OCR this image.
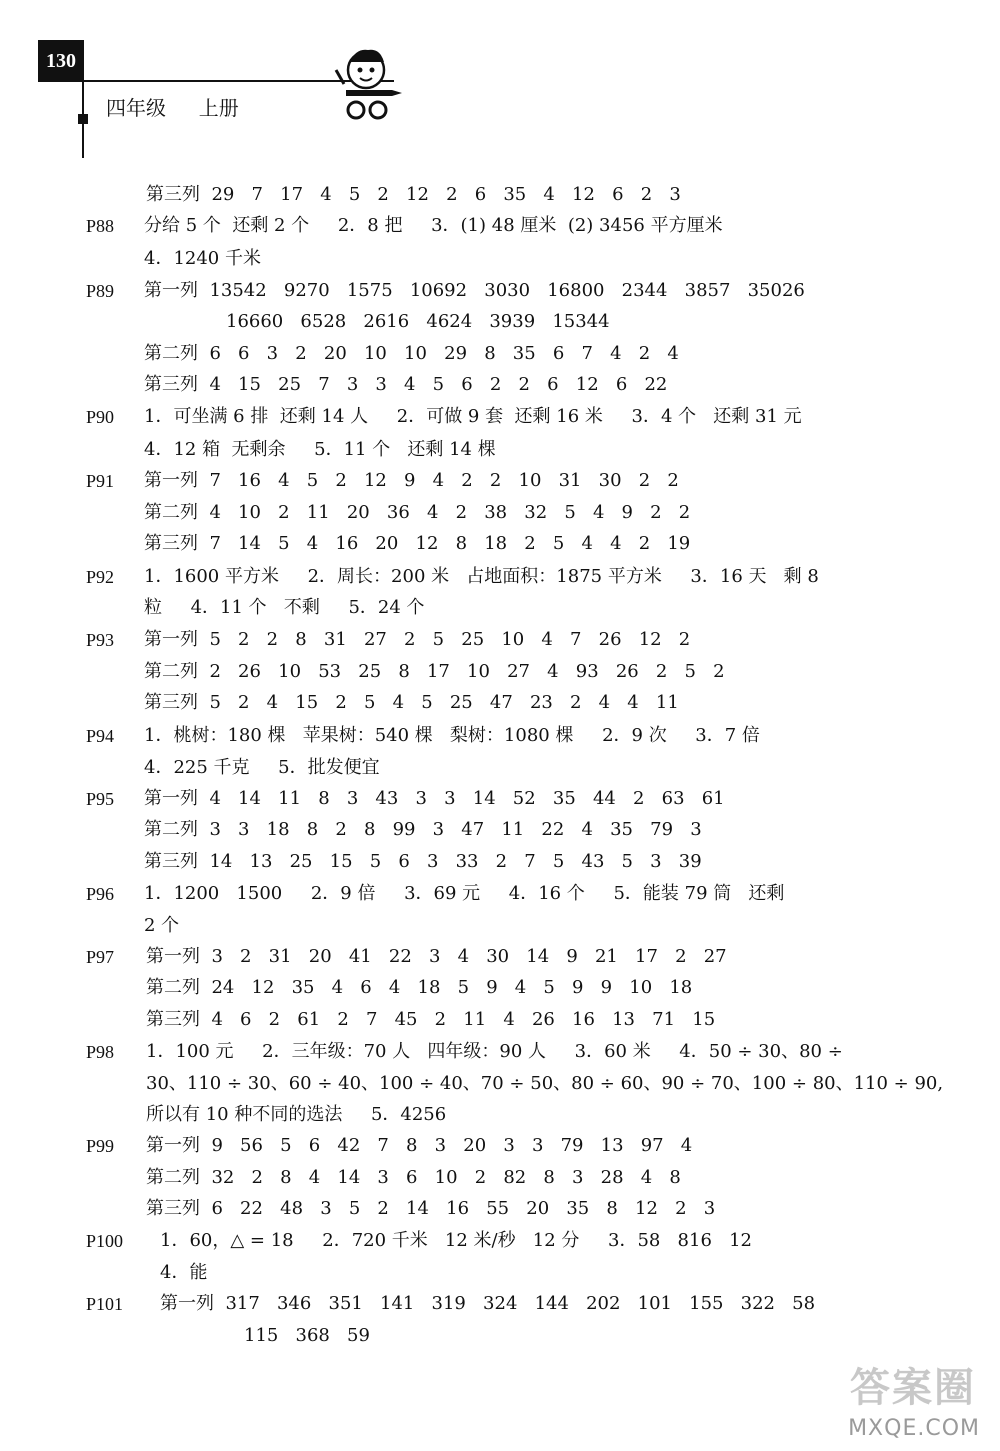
130
四年级  上册
第三列  29   7   17   4   5   2   12   2   6   35   4   12   6   2   3
P88 分给 5 个  还剩 2 个     2．8 把     3．(1) 48 厘米  (2) 3456 平方厘米
4．1240 千米
P89 第一列  13542   9270   1575   10692   3030   16800   2344   3857   35026
16660   6528   2616   4624   3939   15344
第二列  6   6   3   2   20   10   10   29   8   35   6   7   4   2   4
第三列  4   15   25   7   3   3   4   5   6   2   2   6   12   6   22
P90 1．可坐满 6 排  还剩 14 人     2．可做 9 套  还剩 16 米     3．4 个   还剩 31 元
4．12 箱  无剩余     5．11 个   还剩 14 棵
P91 第一列  7   16   4   5   2   12   9   4   2   2   10   31   30   2   2
第二列  4   10   2   11   20   36   4   2   38   32   5   4   9   2   2
第三列  7   14   5   4   16   20   12   8   18   2   5   4   4   2   19
P92 1．1600 平方米     2．周长：200 米   占地面积：1875 平方米     3．16 天   剩 8
粒     4．11 个   不剩     5．24 个
P93 第一列  5   2   2   8   31   27   2   5   25   10   4   7   26   12   2
第二列  2   26   10   53   25   8   17   10   27   4   93   26   2   5   2
第三列  5   2   4   15   2   5   4   5   25   47   23   2   4   4   11
P94 1．桃树：180 棵   苹果树：540 棵   梨树：1080 棵     2．9 次     3．7 倍
4．225 千克     5．批发便宜
P95 第一列  4   14   11   8   3   43   3   3   14   52   35   44   2   63   61
第二列  3   3   18   8   2   8   99   3   47   11   22   4   35   79   3
第三列  14   13   25   15   5   6   3   33   2   7   5   43   5   3   39
P96 1．1200   1500     2．9 倍     3．69 元     4．16 个     5．能装 79 筒   还剩
2 个
P97 第一列  3   2   31   20   41   22   3   4   30   14   9   21   17   2   27
第二列  24   12   35   4   6   4   18   5   9   4   5   9   9   10   18
第三列  4   6   2   61   2   7   45   2   11   4   26   16   13   71   15
P98 1．100 元     2．三年级：70 人   四年级：90 人     3．60 米     4．50 ÷ 30、80 ÷
30、110 ÷ 30、60 ÷ 40、100 ÷ 40、70 ÷ 50、80 ÷ 60、90 ÷ 70、100 ÷ 80、110 ÷ 90,
所以有 10 种不同的选法     5．4256
P99 第一列  9   56   5   6   42   7   8   3   20   3   3   79   13   97   4
第二列  32   2   8   4   14   3   6   10   2   82   8   3   28   4   8
第三列  6   22   48   3   5   2   14   16   55   20   35   8   12   2   3
P100 1．60，△ = 18     2．720 千米   12 米/秒   12 分     3．58   816   12
4．能
P101 第一列  317   346   351   141   319   324   144   202   101   155   322   58
115   368   59
答案圈
MXQE.COM
